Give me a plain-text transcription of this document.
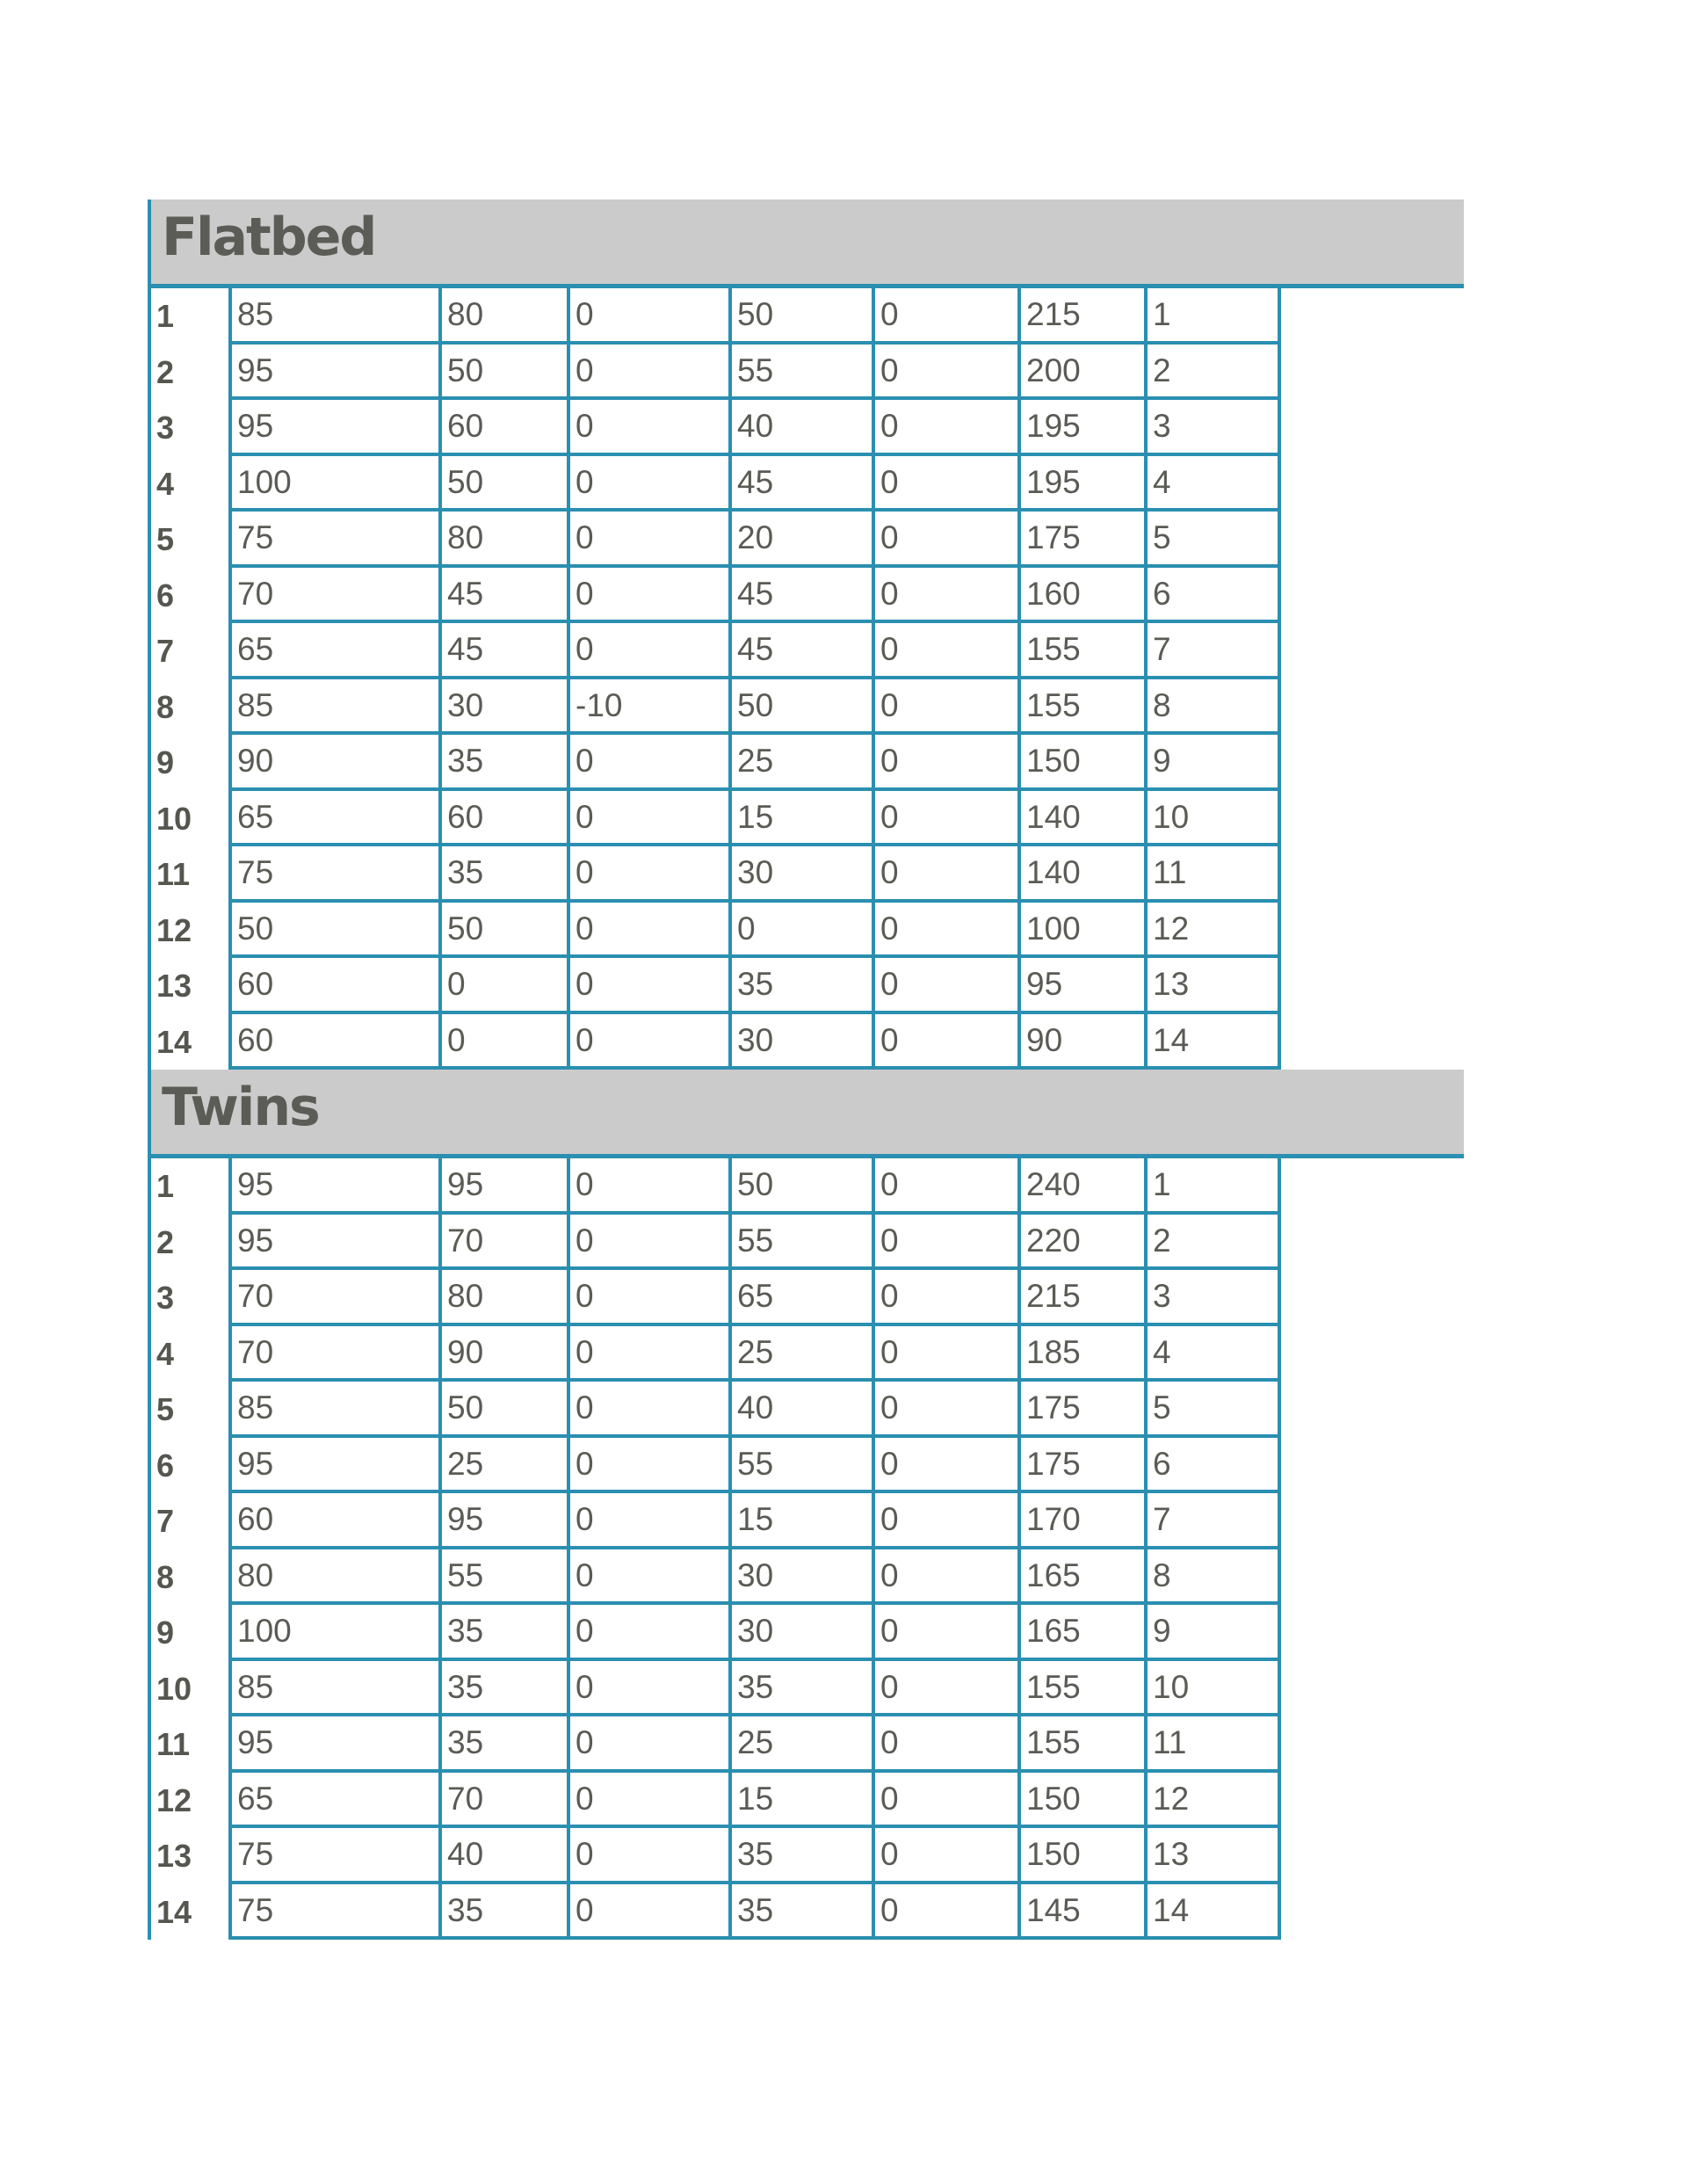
Flatbed
1	85	80	0	50	0	215	1
2	95	50	0	55	0	200	2
3	95	60	0	40	0	195	3
4	100	50	0	45	0	195	4
5	75	80	0	20	0	175	5
6	70	45	0	45	0	160	6
7	65	45	0	45	0	155	7
8	85	30	-10	50	0	155	8
9	90	35	0	25	0	150	9
10	65	60	0	15	0	140	10
11	75	35	0	30	0	140	11
12	50	50	0	0	0	100	12
13	60	0	0	35	0	95	13
14	60	0	0	30	0	90	14
Twins
1	95	95	0	50	0	240	1
2	95	70	0	55	0	220	2
3	70	80	0	65	0	215	3
4	70	90	0	25	0	185	4
5	85	50	0	40	0	175	5
6	95	25	0	55	0	175	6
7	60	95	0	15	0	170	7
8	80	55	0	30	0	165	8
9	100	35	0	30	0	165	9
10	85	35	0	35	0	155	10
11	95	35	0	25	0	155	11
12	65	70	0	15	0	150	12
13	75	40	0	35	0	150	13
14	75	35	0	35	0	145	14
